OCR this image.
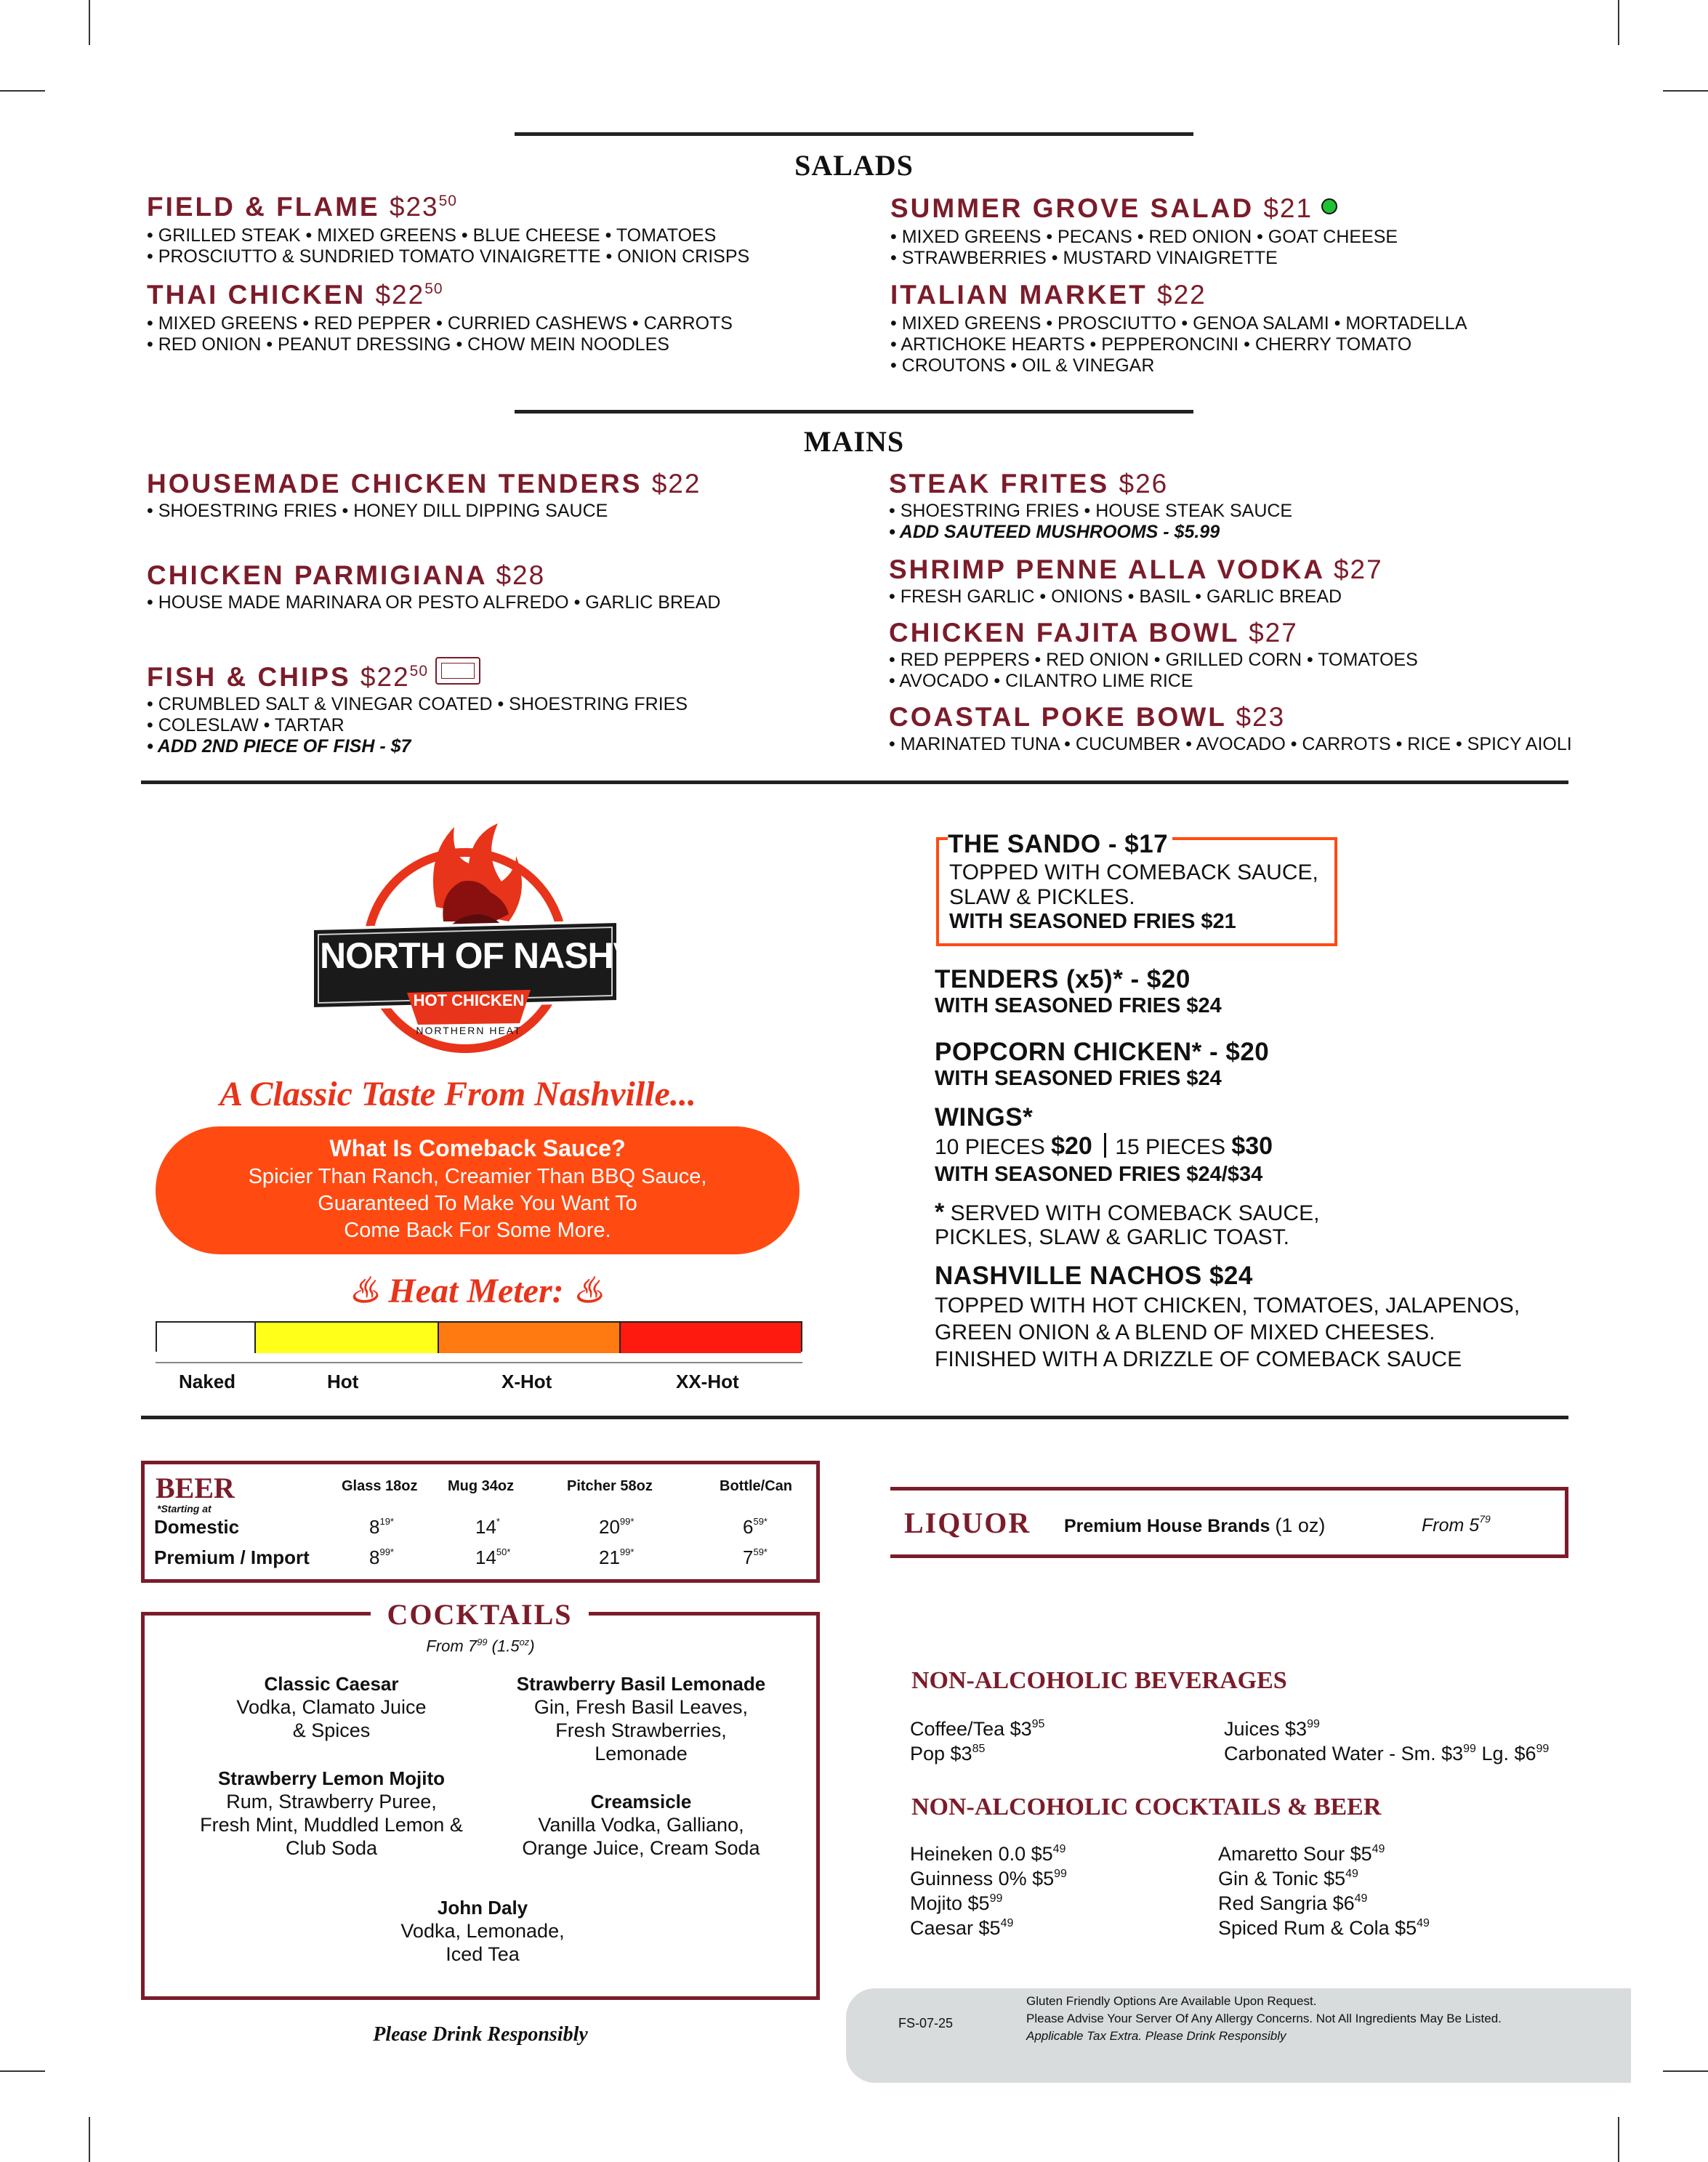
SALADS
FIELD & FLAME $\$23^{50}$
• GRILLED STEAK • MIXED GREENS • BLUE CHEESE • TOMATOES
• PROSCIUTTO & SUNDRIED TOMATO VINAIGRETTE • ONION CRISPS
THAI CHICKEN $\$22^{50}$
• MIXED GREENS • RED PEPPER • CURRIED CASHEWS • CARROTS
• RED ONION • PEANUT DRESSING • CHOW MEIN NOODLES
SUMMER GROVE SALAD $21
• MIXED GREENS • PECANS • RED ONION • GOAT CHEESE
• STRAWBERRIES • MUSTARD VINAIGRETTE
ITALIAN MARKET $22
• MIXED GREENS • PROSCIUTTO • GENOA SALAMI • MORTADELLA
• ARTICHOKE HEARTS • PEPPERONCINI • CHERRY TOMATO
• CROUTONS • OIL & VINEGAR
MAINS
HOUSEMADE CHICKEN TENDERS $22
• SHOESTRING FRIES • HONEY DILL DIPPING SAUCE
CHICKEN PARMIGIANA $28
• HOUSE MADE MARINARA OR PESTO ALFREDO • GARLIC BREAD
FISH & CHIPS $\$22^{50}$
• CRUMBLED SALT & VINEGAR COATED • SHOESTRING FRIES
• COLESLAW • TARTAR
• ADD 2ND PIECE OF FISH - $7
STEAK FRITES $26
• SHOESTRING FRIES • HOUSE STEAK SAUCE
• ADD SAUTEED MUSHROOMS - $5.99
SHRIMP PENNE ALLA VODKA $27
• FRESH GARLIC • ONIONS • BASIL • GARLIC BREAD
CHICKEN FAJITA BOWL $27
• RED PEPPERS • RED ONION • GRILLED CORN • TOMATOES
• AVOCADO • CILANTRO LIME RICE
COASTAL POKE BOWL $23
• MARINATED TUNA • CUCUMBER • AVOCADO • CARROTS • RICE • SPICY AIOLI
NORTH OF NASHVILLE
HOT CHICKEN
NORTHERN HEAT
A Classic Taste From Nashville...
What Is Comeback Sauce?
Spicier Than Ranch, Creamier Than BBQ Sauce,
Guaranteed To Make You Want To
Come Back For Some More.
♨ Heat Meter: ♨
Naked	Hot	X-Hot	XX-Hot
THE SANDO - $17
TOPPED WITH COMEBACK SAUCE,
SLAW & PICKLES.
WITH SEASONED FRIES $21
TENDERS (x5)* - $20
WITH SEASONED FRIES $24
POPCORN CHICKEN* - $20
WITH SEASONED FRIES $24
WINGS*
10 PIECES $20 15 PIECES $30
WITH SEASONED FRIES $24/$34
* SERVED WITH COMEBACK SAUCE,
PICKLES, SLAW & GARLIC TOAST.
NASHVILLE NACHOS $24
TOPPED WITH HOT CHICKEN, TOMATOES, JALAPENOS,
GREEN ONION & A BLEND OF MIXED CHEESES.
FINISHED WITH A DRIZZLE OF COMEBACK SAUCE
BEER
*Starting at
Glass 18oz Mug 34oz	Pitcher 58oz	Bottle/Can
Domestic	$8^{19*}$	14*	$20^{99*}$	$6^{59*}$
Premium / Import	$8^{99*}$	$14^{50*}$	$21^{99*}$	$7^{59*}$
LIQUOR Premium House Brands (1 oz)	From $5^{79}$
COCKTAILS
From $7^{99}$ $(1.5^{oz})$
Classic Caesar
Vodka, Clamato Juice
& Spices
Strawberry Basil Lemonade
Gin, Fresh Basil Leaves,
Fresh Strawberries,
Lemonade
Strawberry Lemon Mojito
Rum, Strawberry Puree,
Fresh Mint, Muddled Lemon &
Club Soda
Creamsicle
Vanilla Vodka, Galliano,
Orange Juice, Cream Soda
John Daly
Vodka, Lemonade,
Iced Tea
Please Drink Responsibly
NON-ALCOHOLIC BEVERAGES
Coffee/Tea $\$3^{95}$
Pop $\$3^{85}$
Juices $\$3^{99}$
Carbonated Water - Sm. $\$3^{99}$ Lg. $\$6^{99}$
NON-ALCOHOLIC COCKTAILS & BEER
Heineken 0.0 $\$5^{49}$
Guinness 0% $\$5^{99}$
Mojito $\$5^{99}$
Caesar $\$5^{49}$
Amaretto Sour $\$5^{49}$
Gin & Tonic $\$5^{49}$
Red Sangria $\$6^{49}$
Spiced Rum & Cola $\$5^{49}$
FS-07-25
Gluten Friendly Options Are Available Upon Request.
Please Advise Your Server Of Any Allergy Concerns. Not All Ingredients May Be Listed.
Applicable Tax Extra. Please Drink Responsibly
